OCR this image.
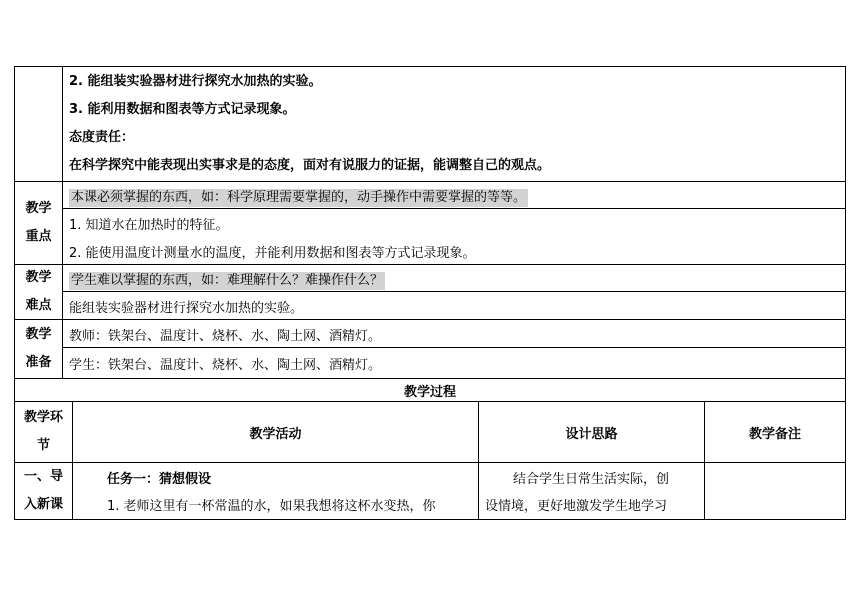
2. 能组装实验器材进行探究水加热的实验。
3. 能利用数据和图表等方式记录现象。
态度责任：
在科学探究中能表现出实事求是的态度，面对有说服力的证据，能调整自己的观点。
教学
重点
本课必须掌握的东西，如：科学原理需要掌握的，动手操作中需要掌握的等等。
1. 知道水在加热时的特征。
2. 能使用温度计测量水的温度，并能利用数据和图表等方式记录现象。
教学
难点
学生难以掌握的东西，如：难理解什么？难操作什么？
能组装实验器材进行探究水加热的实验。
教学
准备
教师：铁架台、温度计、烧杯、水、陶土网、酒精灯。
学生：铁架台、温度计、烧杯、水、陶土网、酒精灯。
教学过程
教学环
节
教学活动	设计思路	教学备注
一、导
入新课
任务一：猜想假设
1. 老师这里有一杯常温的水，如果我想将这杯水变热，你
结合学生日常生活实际，创
设情境，更好地激发学生地学习
